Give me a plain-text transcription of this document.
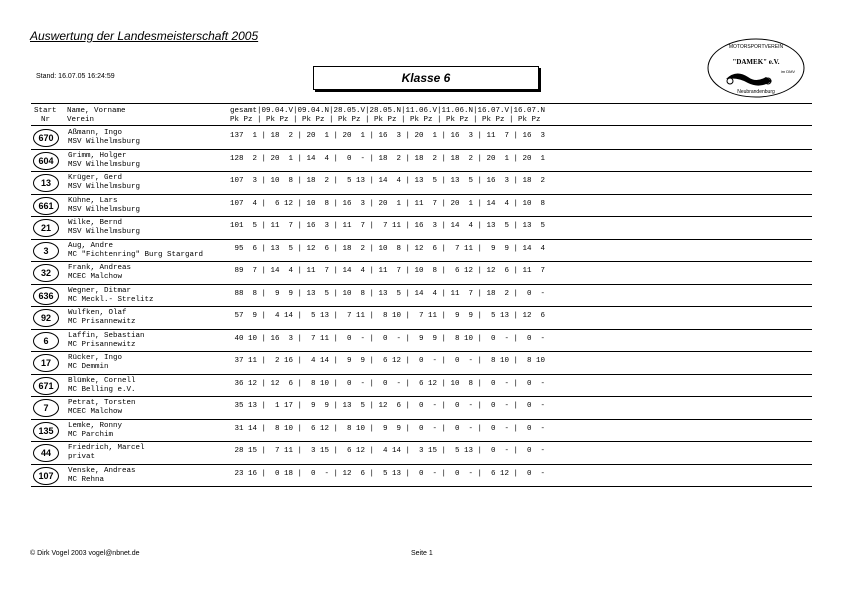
Auswertung der Landesmeisterschaft 2005
Stand: 16.07.05 16:24:59	Klasse 6
MOTORSPORTVEREIN
"DAMEK" e.V.
im DMV
Neubrandenburg
Start
Nr
Name, Vorname
Verein
gesamt|09.04.V|09.04.N|28.05.V|28.05.N|11.06.V|11.06.N|16.07.V|16.07.N
Pk Pz | Pk Pz | Pk Pz | Pk Pz | Pk Pz | Pk Pz | Pk Pz | Pk Pz | Pk Pz
670	Aßmann, Ingo
MSV Wilhelmsburg
137  1 | 18  2 | 20  1 | 20  1 | 16  3 | 20  1 | 16  3 | 11  7 | 16  3
604	Grimm, Holger
MSV Wilhelmsburg
128  2 | 20  1 | 14  4 |  0  - | 18  2 | 18  2 | 18  2 | 20  1 | 20  1
13	Krüger, Gerd
MSV Wilhelmsburg
107  3 | 10  8 | 18  2 |  5 13 | 14  4 | 13  5 | 13  5 | 16  3 | 18  2
661	Kühne, Lars
MSV Wilhelmsburg
107  4 |  6 12 | 10  8 | 16  3 | 20  1 | 11  7 | 20  1 | 14  4 | 10  8
21	Wilke, Bernd
MSV Wilhelmsburg
101  5 | 11  7 | 16  3 | 11  7 |  7 11 | 16  3 | 14  4 | 13  5 | 13  5
3	Aug, Andre
MC "Fichtenring" Burg Stargard
95  6 | 13  5 | 12  6 | 18  2 | 10  8 | 12  6 |  7 11 |  9  9 | 14  4
32	Frank, Andreas
MCEC Malchow
89  7 | 14  4 | 11  7 | 14  4 | 11  7 | 10  8 |  6 12 | 12  6 | 11  7
636	Wegner, Ditmar
MC Meckl.- Strelitz
88  8 |  9  9 | 13  5 | 10  8 | 13  5 | 14  4 | 11  7 | 18  2 |  0  -
92	Wulfken, Olaf
MC Prisannewitz
57  9 |  4 14 |  5 13 |  7 11 |  8 10 |  7 11 |  9  9 |  5 13 | 12  6
6	Laffin, Sebastian
MC Prisannewitz
40 10 | 16  3 |  7 11 |  0  - |  0  - |  9  9 |  8 10 |  0  - |  0  -
17	Rücker, Ingo
MC Demmin
37 11 |  2 16 |  4 14 |  9  9 |  6 12 |  0  - |  0  - |  8 10 |  8 10
671	Blümke, Cornell
MC Belling e.V.
36 12 | 12  6 |  8 10 |  0  - |  0  - |  6 12 | 10  8 |  0  - |  0  -
7	Petrat, Torsten
MCEC Malchow
35 13 |  1 17 |  9  9 | 13  5 | 12  6 |  0  - |  0  - |  0  - |  0  -
135	Lemke, Ronny
MC Parchim
31 14 |  8 10 |  6 12 |  8 10 |  9  9 |  0  - |  0  - |  0  - |  0  -
44	Friedrich, Marcel
privat
28 15 |  7 11 |  3 15 |  6 12 |  4 14 |  3 15 |  5 13 |  0  - |  0  -
107	Venske, Andreas
MC Rehna
23 16 |  0 18 |  0  - | 12  6 |  5 13 |  0  - |  0  - |  6 12 |  0  -
© Dirk Vogel 2003 vogel@nbnet.de	Seite 1
